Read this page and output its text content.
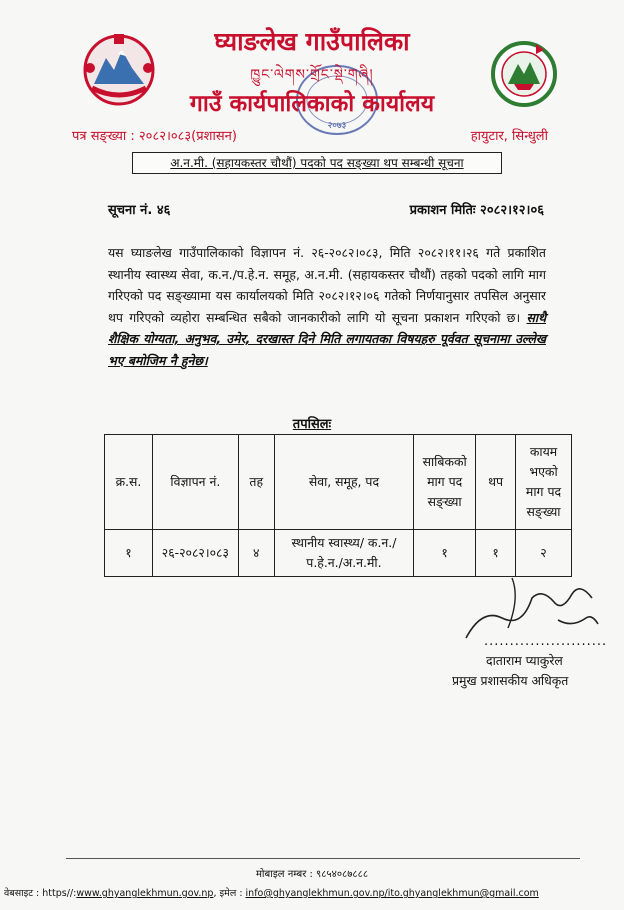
२०७३
घ्याङलेख गाउँपालिका
ཁྱུང་ལེགས་གྲོང་སྡེ་གཞི།
गाउँ कार्यपालिकाको कार्यालय
पत्र सङ्ख्या : २०८२।०८३(प्रशासन)	हायुटार, सिन्धुली
अ.न.मी. (सहायकस्तर चौथौं) पदको पद सङ्ख्या थप सम्बन्धी सूचना
सूचना नं. ४६	प्रकाशन मितिः २०८२।१२।०६
यस घ्याङलेख गाउँपालिकाको विज्ञापन नं. २६-२०८२।०८३, मिति २०८२।११।२६ गते प्रकाशित स्थानीय स्वास्थ्य सेवा, क.न./प.हे.न. समूह, अ.न.मी. (सहायकस्तर चौथौं) तहको पदको लागि माग गरिएको पद सङ्ख्यामा यस कार्यालयको मिति २०८२।१२।०६ गतेको निर्णयानुसार तपसिल अनुसार थप गरिएको व्यहोरा सम्बन्धित सबैको जानकारीको लागि यो सूचना प्रकाशन गरिएको छ। साथै शैक्षिक योग्यता, अनुभव, उमेर, दरखास्त दिने मिति लगायतका विषयहरु पूर्ववत सूचनामा उल्लेख भए बमोजिम नै हुनेछ।
तपसिलः
क्र.स.	विज्ञापन नं.	तह	सेवा, समूह, पद	साबिकको माग पद सङ्ख्या	थप	कायम भएको माग पद सङ्ख्या
१	२६-२०८२।०८३	४	स्थानीय स्वास्थ्य/ क.न./प.हे.न./अ.न.मी.	१	१	२
........................
दाताराम प्याकुरेल
प्रमुख प्रशासकीय अधिकृत
मोबाइल नम्बर : ९८५४०८७८८८
वेबसाइट : https//:www.ghyanglekhmun.gov.np, इमेल : info@ghyanglekhmun.gov.np/ito.ghyanglekhmun@gmail.com
